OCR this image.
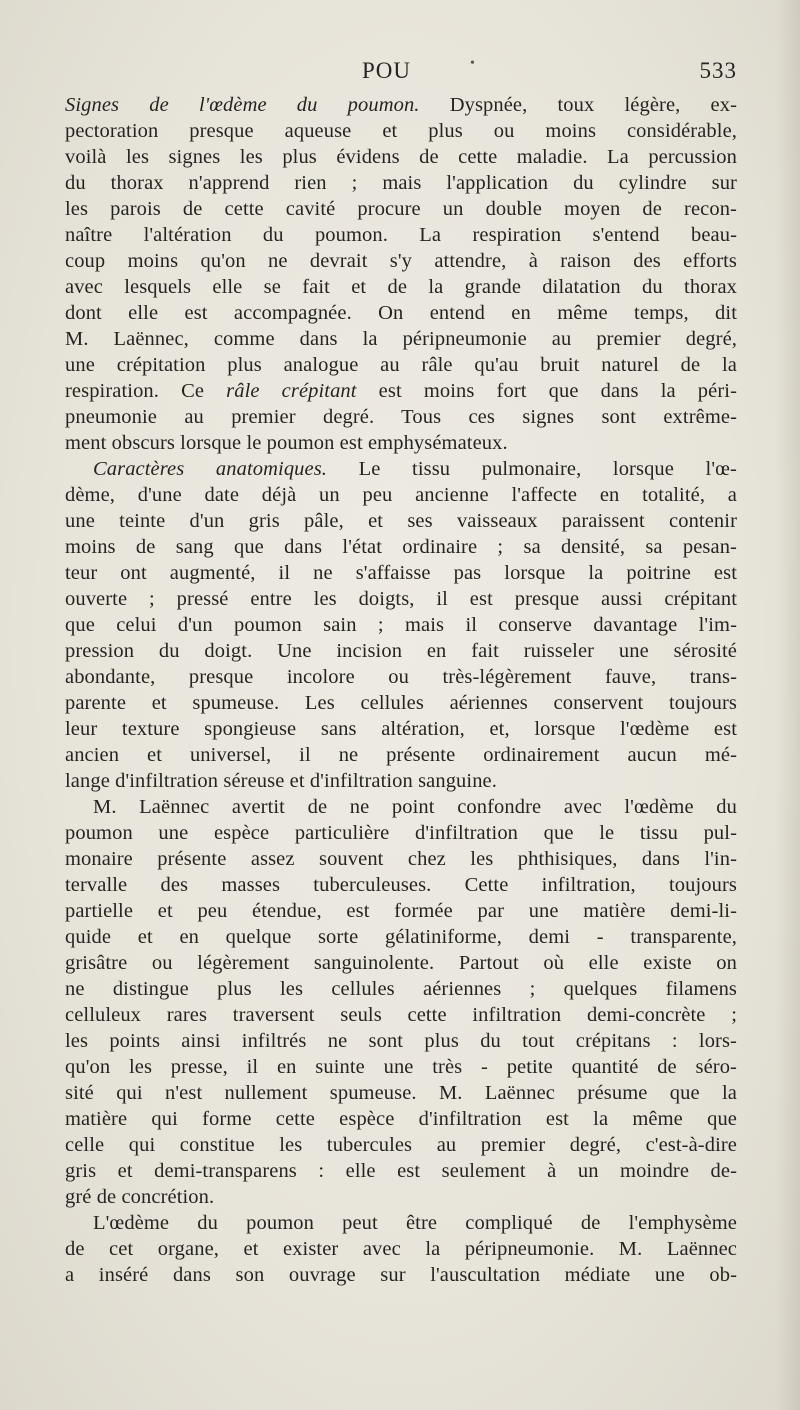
POU	•	533
Signes de l'œdème du poumon. Dyspnée, toux légère, ex-
pectoration presque aqueuse et plus ou moins considérable,
voilà les signes les plus évidens de cette maladie. La percussion
du thorax n'apprend rien ; mais l'application du cylindre sur
les parois de cette cavité procure un double moyen de recon-
naître l'altération du poumon. La respiration s'entend beau-
coup moins qu'on ne devrait s'y attendre, à raison des efforts
avec lesquels elle se fait et de la grande dilatation du thorax
dont elle est accompagnée. On entend en même temps, dit
M. Laënnec, comme dans la péripneumonie au premier degré,
une crépitation plus analogue au râle qu'au bruit naturel de la
respiration. Ce râle crépitant est moins fort que dans la péri-
pneumonie au premier degré. Tous ces signes sont extrême-
ment obscurs lorsque le poumon est emphysémateux.
Caractères anatomiques. Le tissu pulmonaire, lorsque l'œ-
dème, d'une date déjà un peu ancienne l'affecte en totalité, a
une teinte d'un gris pâle, et ses vaisseaux paraissent contenir
moins de sang que dans l'état ordinaire ; sa densité, sa pesan-
teur ont augmenté, il ne s'affaisse pas lorsque la poitrine est
ouverte ; pressé entre les doigts, il est presque aussi crépitant
que celui d'un poumon sain ; mais il conserve davantage l'im-
pression du doigt. Une incision en fait ruisseler une sérosité
abondante, presque incolore ou très-légèrement fauve, trans-
parente et spumeuse. Les cellules aériennes conservent toujours
leur texture spongieuse sans altération, et, lorsque l'œdème est
ancien et universel, il ne présente ordinairement aucun mé-
lange d'infiltration séreuse et d'infiltration sanguine.
M. Laënnec avertit de ne point confondre avec l'œdème du
poumon une espèce particulière d'infiltration que le tissu pul-
monaire présente assez souvent chez les phthisiques, dans l'in-
tervalle des masses tuberculeuses. Cette infiltration, toujours
partielle et peu étendue, est formée par une matière demi-li-
quide et en quelque sorte gélatiniforme, demi - transparente,
grisâtre ou légèrement sanguinolente. Partout où elle existe on
ne distingue plus les cellules aériennes ; quelques filamens
celluleux rares traversent seuls cette infiltration demi-concrète ;
les points ainsi infiltrés ne sont plus du tout crépitans : lors-
qu'on les presse, il en suinte une très - petite quantité de séro-
sité qui n'est nullement spumeuse. M. Laënnec présume que la
matière qui forme cette espèce d'infiltration est la même que
celle qui constitue les tubercules au premier degré, c'est-à-dire
gris et demi-transparens : elle est seulement à un moindre de-
gré de concrétion.
L'œdème du poumon peut être compliqué de l'emphysème
de cet organe, et exister avec la péripneumonie. M. Laënnec
a inséré dans son ouvrage sur l'auscultation médiate une ob-
